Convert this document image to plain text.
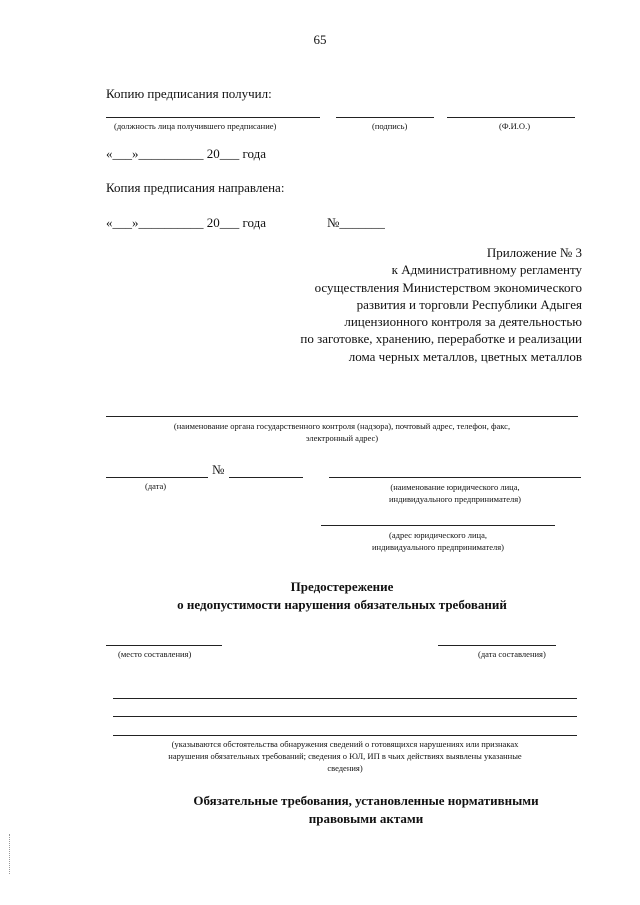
65
Копию предписания получил:
(должность лица получившего предписание)	(подпись)	(Ф.И.О.)
«___»__________ 20___ года
Копия предписания направлена:
«___»__________ 20___ года	№_______
Приложение № 3
к Административному регламенту
осуществления Министерством экономического
развития и торговли Республики Адыгея
лицензионного контроля за деятельностью
по заготовке, хранению, переработке и реализации
лома черных металлов, цветных металлов
(наименование органа государственного контроля (надзора), почтовый адрес, телефон, факс,
электронный адрес)
№
(дата)	(наименование юридического лица,
индивидуального предпринимателя)
(адрес юридического лица,
индивидуального предпринимателя)
Предостережение
о недопустимости нарушения обязательных требований
(место составления)	(дата составления)
(указываются обстоятельства обнаружения сведений о готовящихся нарушениях или признаках
нарушения обязательных требований; сведения о ЮЛ, ИП в чьих действиях выявлены указанные
сведения)
Обязательные требования, установленные нормативными
правовыми актами
